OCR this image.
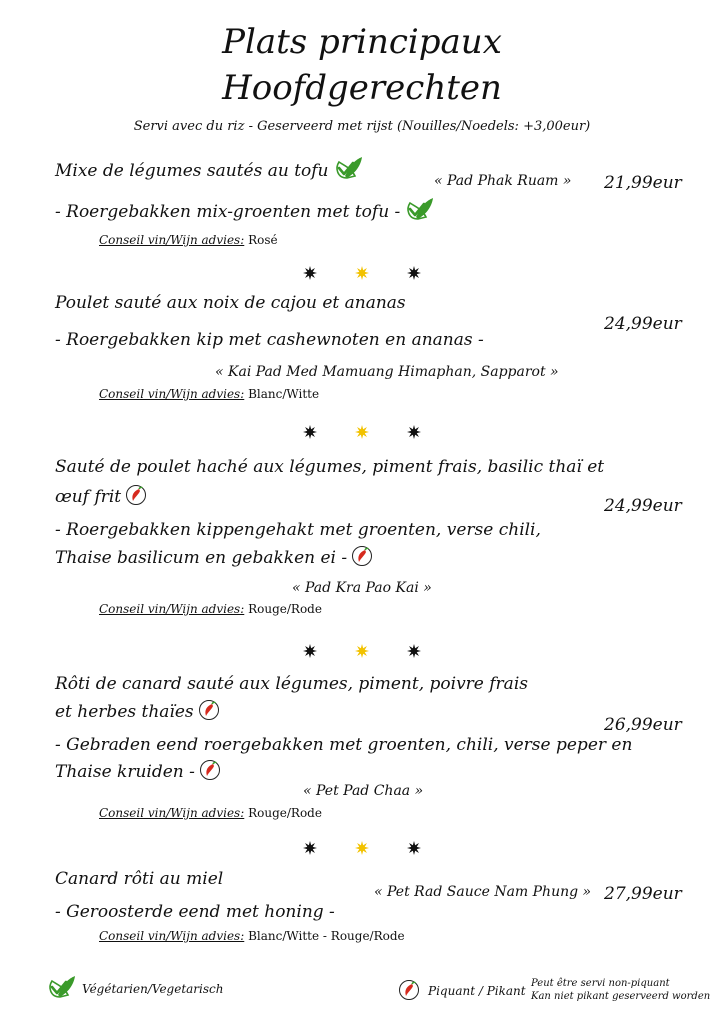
Plats principaux
Hoofdgerechten
Servi avec du riz - Geserveerd met rijst (Nouilles/Noedels: +3,00eur)
Mixe de légumes sautés au tofu	« Pad Phak Ruam » 21,99eur
- Roergebakken mix-groenten met tofu -
Conseil vin/Wijn advies: Rosé
Poulet sauté aux noix de cajou et ananas
24,99eur
- Roergebakken kip met cashewnoten en ananas -
« Kai Pad Med Mamuang Himaphan, Sapparot »
Conseil vin/Wijn advies: Blanc/Witte
Sauté de poulet haché aux légumes, piment frais, basilic thaï et
œuf frit	24,99eur
- Roergebakken kippengehakt met groenten, verse chili,
Thaise basilicum en gebakken ei -
« Pad Kra Pao Kai »
Conseil vin/Wijn advies: Rouge/Rode
Rôti de canard sauté aux légumes, piment, poivre frais
et herbes thaïes
26,99eur
- Gebraden eend roergebakken met groenten, chili, verse peper en
Thaise kruiden -
« Pet Pad Chaa »
Conseil vin/Wijn advies: Rouge/Rode
Canard rôti au miel
« Pet Rad Sauce Nam Phung » 27,99eur
- Geroosterde eend met honing -
Conseil vin/Wijn advies: Blanc/Witte - Rouge/Rode
Végétarien/Vegetarisch	Piquant / Pikant
Peut être servi non-piquant
Kan niet pikant geserveerd worden
